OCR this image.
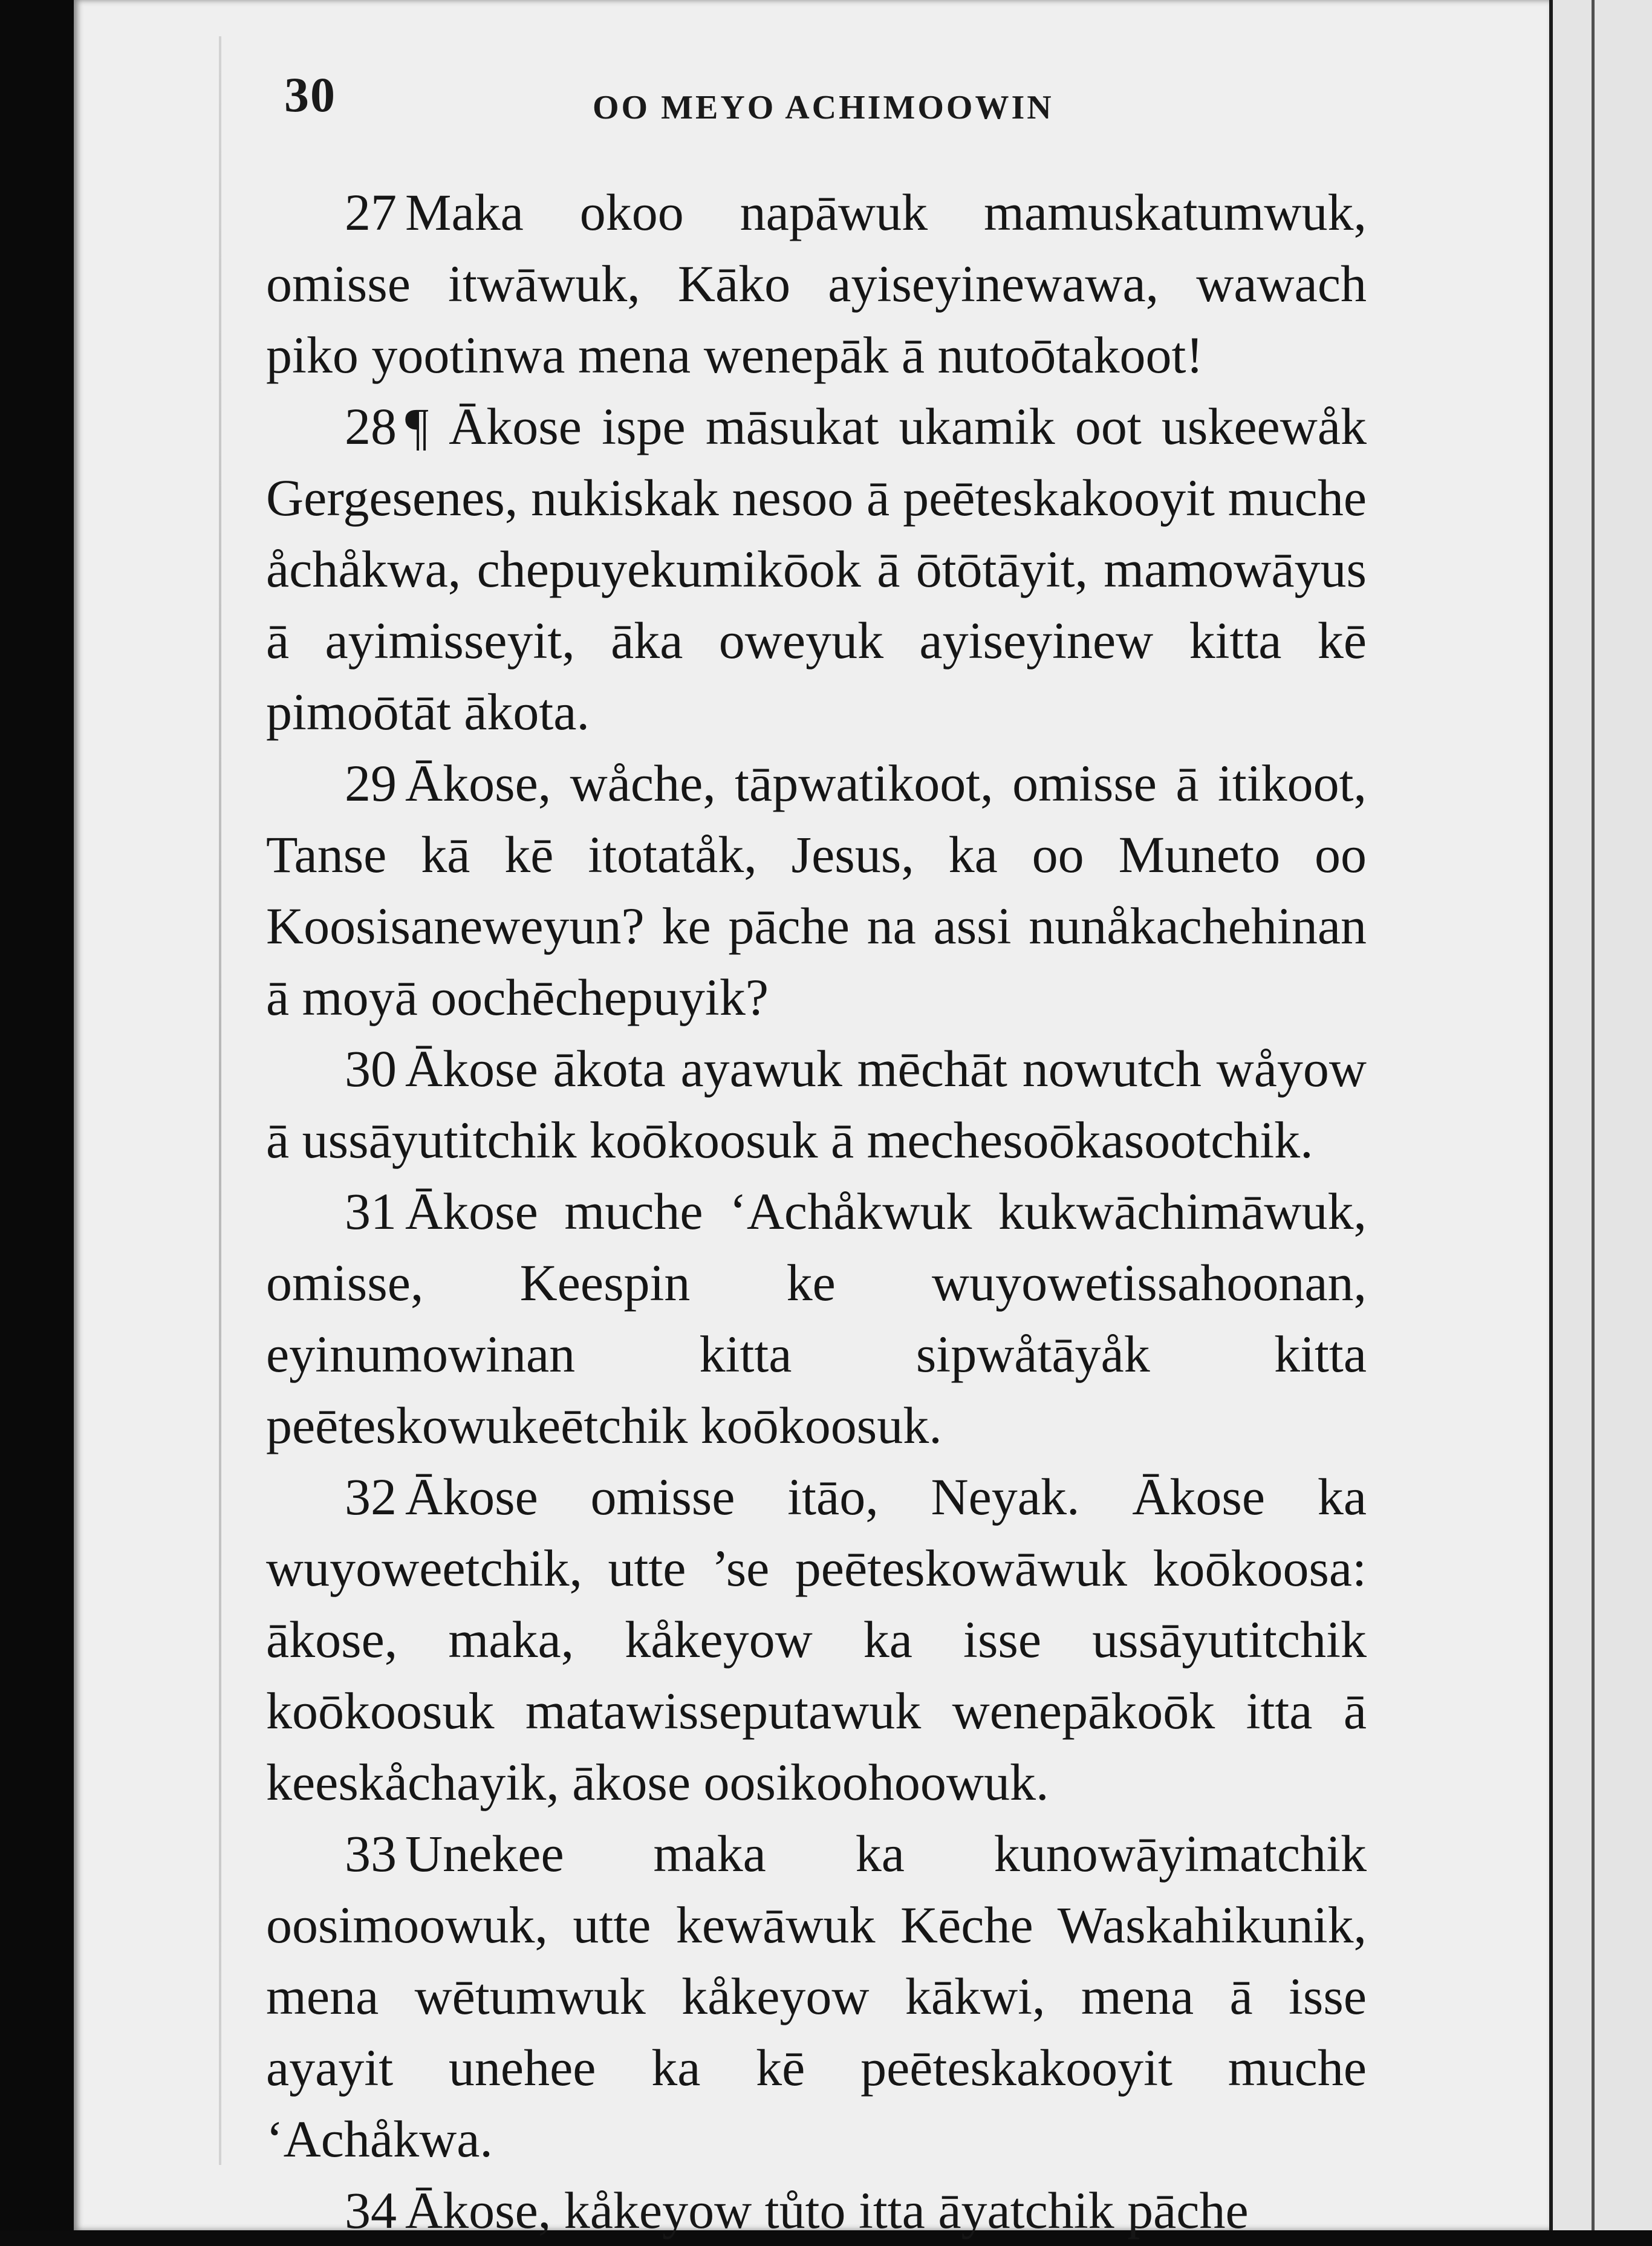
30	OO MEYO ACHIMOOWIN

27 Maka okoo napāwuk mamuskatumwuk, omisse itwāwuk, Kāko ayiseyinewawa, wawach piko yootinwa mena wenepāk ā nutoōtakoot!

28 ¶ Ākose ispe māsukat ukamik oot uskeewåk Gergesenes, nukiskak nesoo ā peēteskakooyit muche åchåkwa, chepuyekumikōok ā ōtōtāyit, mamowāyus ā ayimisseyit, āka oweyuk ayiseyinew kitta kē pimoōtāt ākota.

29 Ākose, wåche, tāpwatikoot, omisse ā itikoot, Tanse kā kē itotatåk, Jesus, ka oo Muneto oo Koosisaneweyun? ke pāche na assi nunåkachehinan ā moyā oochēchepuyik?

30 Ākose ākota ayawuk mēchāt nowutch wåyow ā ussāyutitchik koōkoosuk ā mechesoōkasootchik.

31 Ākose muche ‘Achåkwuk kukwāchimāwuk, omisse, Keespin ke wuyowetissahoonan, eyinumowinan kitta sipwåtāyåk kitta peēteskowukeētchik koōkoosuk.

32 Ākose omisse itāo, Neyak. Ākose ka wuyoweetchik, utte ’se peēteskowāwuk koōkoosa: ākose, maka, kåkeyow ka isse ussāyutitchik koōkoosuk matawisseputawuk wenepākoōk itta ā keeskåchayik, ākose oosikoohoowuk.

33 Unekee maka ka kunowāyimatchik oosimoowuk, utte kewāwuk Kēche Waskahikunik, mena wētumwuk kåkeyow kākwi, mena ā isse ayayit unehee ka kē peēteskakooyit muche ‘Achåkwa.

34 Ākose, kåkeyow tůto itta āyatchik pāche
